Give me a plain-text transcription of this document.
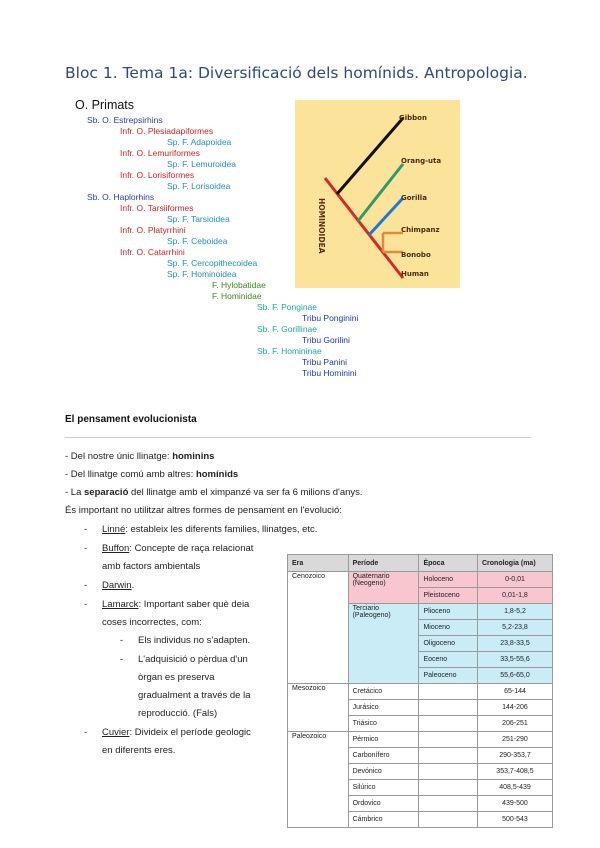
Bloc 1. Tema 1a: Diversificació dels homínids. Antropologia.
O. Primats
Sb. O. Estrepsirhins
Infr. O. Plesiadapiformes
Sp. F. Adapoidea
Infr. O. Lemuriformes
Sp. F. Lemuroidea
Infr. O. Lorisiformes
Sp. F. Lorisoidea
Sb. O. Haplorhins
Infr. O. Tarsiiformes
Sp. F. Tarsioidea
Infr. O. Platyrrhini
Sp. F. Ceboidea
Infr. O. Catarrhini
Sp. F. Cercopithecoidea
Sp. F. Hominoidea
F. Hylobatidae
F. Hominidae
Sb. F. Ponginae
Tribu Ponginini
Sb. F. Gorillinae
Tribu Gorilini
Sb. F. Homininae
Tribu Panini
Tribu Hominini
HOMINOIDEA
Gibbon
Orang-uta
Gorilla
Chimpanz
Bonobo
Human
El pensament evolucionista
- Del nostre únic llinatge: hominins
- Del llinatge comú amb altres: homínids
- La separació del llinatge amb el ximpanzé va ser fa 6 milions d'anys.
És important no utilitzar altres formes de pensament en l'evolució:
- Linné: estableix les diferents families, llinatges, etc.
- Buffon: Concepte de raça relacionat
amb factors ambientals
- Darwin.
- Lamarck: Important saber què deia
coses incorrectes, com:
- Els individus no s'adapten.
- L'adquisició o pèrdua d'un
òrgan es preserva
gradualment a través de la
reproducció. (Fals)
- Cuvier: Divideix el període geologic
en diferents eres.
Era	Període	Època	Cronologia (ma)
Cenozoico	Quaternario
(Neogeno)	Holoceno	0-0,01
		Pleistoceno	0,01-1,8
	Terciario
(Paleogeno)	Plioceno	1,8-5,2
		Mioceno	5,2-23,8
		Oligoceno	23,8-33,5
		Eoceno	33,5-55,6
		Paleoceno	55,6-65,0
Mesozoico	Cretácico		65-144
	Jurásico		144-206
	Triásico		206-251
Paleozoico	Pérmico		251-290
	Carbonífero		290-353,7
	Devónico		353,7-408,5
	Silúrico		408,5-439
	Ordovico		439-500
	Cámbrico		500-543
